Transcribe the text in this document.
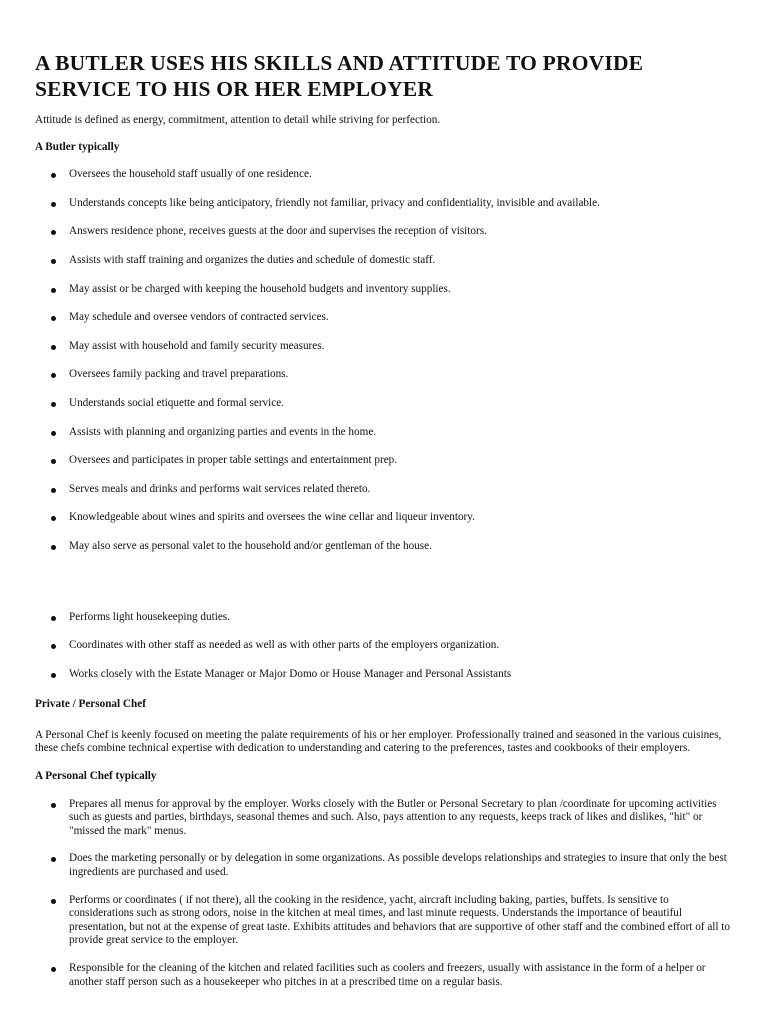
A BUTLER USES HIS SKILLS AND ATTITUDE TO PROVIDE SERVICE TO HIS OR HER EMPLOYER

Attitude is defined as energy, commitment, attention to detail while striving for perfection.

A Butler typically

Oversees the household staff usually of one residence.
Understands concepts like being anticipatory, friendly not familiar, privacy and confidentiality, invisible and available.
Answers residence phone, receives guests at the door and supervises the reception of visitors.
Assists with staff training and organizes the duties and schedule of domestic staff.
May assist or be charged with keeping the household budgets and inventory supplies.
May schedule and oversee vendors of contracted services.
May assist with household and family security measures.
Oversees family packing and travel preparations.
Understands social etiquette and formal service.
Assists with planning and organizing parties and events in the home.
Oversees and participates in proper table settings and entertainment prep.
Serves meals and drinks and performs wait services related thereto.
Knowledgeable about wines and spirits and oversees the wine cellar and liqueur inventory.
May also serve as personal valet to the household and/or gentleman of the house.
Performs light housekeeping duties.
Coordinates with other staff as needed as well as with other parts of the employers organization.
Works closely with the Estate Manager or Major Domo or House Manager and Personal Assistants

Private / Personal Chef

A Personal Chef is keenly focused on meeting the palate requirements of his or her employer. Professionally trained and seasoned in the various cuisines, these chefs combine technical expertise with dedication to understanding and catering to the preferences, tastes and cookbooks of their employers.

A Personal Chef typically

Prepares all menus for approval by the employer. Works closely with the Butler or Personal Secretary to plan /coordinate for upcoming activities such as guests and parties, birthdays, seasonal themes and such. Also, pays attention to any requests, keeps track of likes and dislikes, "hit" or "missed the mark" menus.
Does the marketing personally or by delegation in some organizations. As possible develops relationships and strategies to insure that only the best ingredients are purchased and used.
Performs or coordinates ( if not there), all the cooking in the residence, yacht, aircraft including baking, parties, buffets. Is sensitive to considerations such as strong odors, noise in the kitchen at meal times, and last minute requests. Understands the importance of beautiful presentation, but not at the expense of great taste. Exhibits attitudes and behaviors that are supportive of other staff and the combined effort of all to provide great service to the employer.
Responsible for the cleaning of the kitchen and related facilities such as coolers and freezers, usually with assistance in the form of a helper or another staff person such as a housekeeper who pitches in at a prescribed time on a regular basis.
